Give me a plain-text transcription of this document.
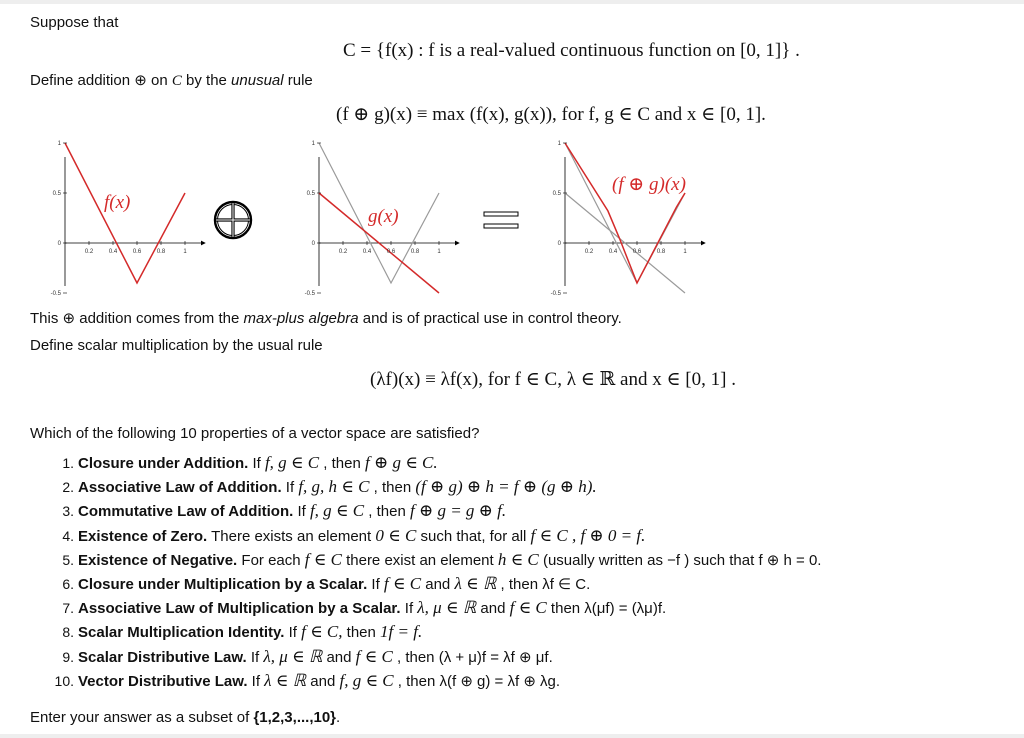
Suppose that
C = {f(x) : f is a real-valued continuous function on [0, 1]} .
Define addition ⊕ on C by the unusual rule
(f ⊕ g)(x) ≡ max (f(x), g(x)), for f, g ∈ C and x ∈ [0, 1].
1
0.5
0
-0.5
0.2	0.4	0.6	0.8	1
f(x)
1
0.5
0
-0.5
0.2	0.4	0.6	0.8	1
g(x)
1
0.5
0
-0.5
0.2	0.4	0.6	0.8	1
(f ⊕ g)(x)
This ⊕ addition comes from the max-plus algebra and is of practical use in control theory.
Define scalar multiplication by the usual rule
(λf)(x) ≡ λf(x), for f ∈ C, λ ∈ ℝ and x ∈ [0, 1] .
Which of the following 10 properties of a vector space are satisfied?
1. Closure under Addition. If f, g ∈ C , then f ⊕ g ∈ C.
2. Associative Law of Addition. If f, g, h ∈ C , then (f ⊕ g) ⊕ h = f ⊕ (g ⊕ h).
3. Commutative Law of Addition. If f, g ∈ C , then f ⊕ g = g ⊕ f.
4. Existence of Zero. There exists an element 0 ∈ C such that, for all f ∈ C , f ⊕ 0 = f.
5. Existence of Negative. For each f ∈ C there exist an element h ∈ C (usually written as −f ) such that f ⊕ h = 0.
6. Closure under Multiplication by a Scalar. If f ∈ C and λ ∈ ℝ , then λf ∈ C.
7. Associative Law of Multiplication by a Scalar. If λ, μ ∈ ℝ and f ∈ C then λ(μf) = (λμ)f.
8. Scalar Multiplication Identity. If f ∈ C, then 1f = f.
9. Scalar Distributive Law. If λ, μ ∈ ℝ and f ∈ C , then (λ + μ)f = λf ⊕ μf.
10. Vector Distributive Law. If λ ∈ ℝ and f, g ∈ C , then λ(f ⊕ g) = λf ⊕ λg.
Enter your answer as a subset of {1,2,3,...,10}.
